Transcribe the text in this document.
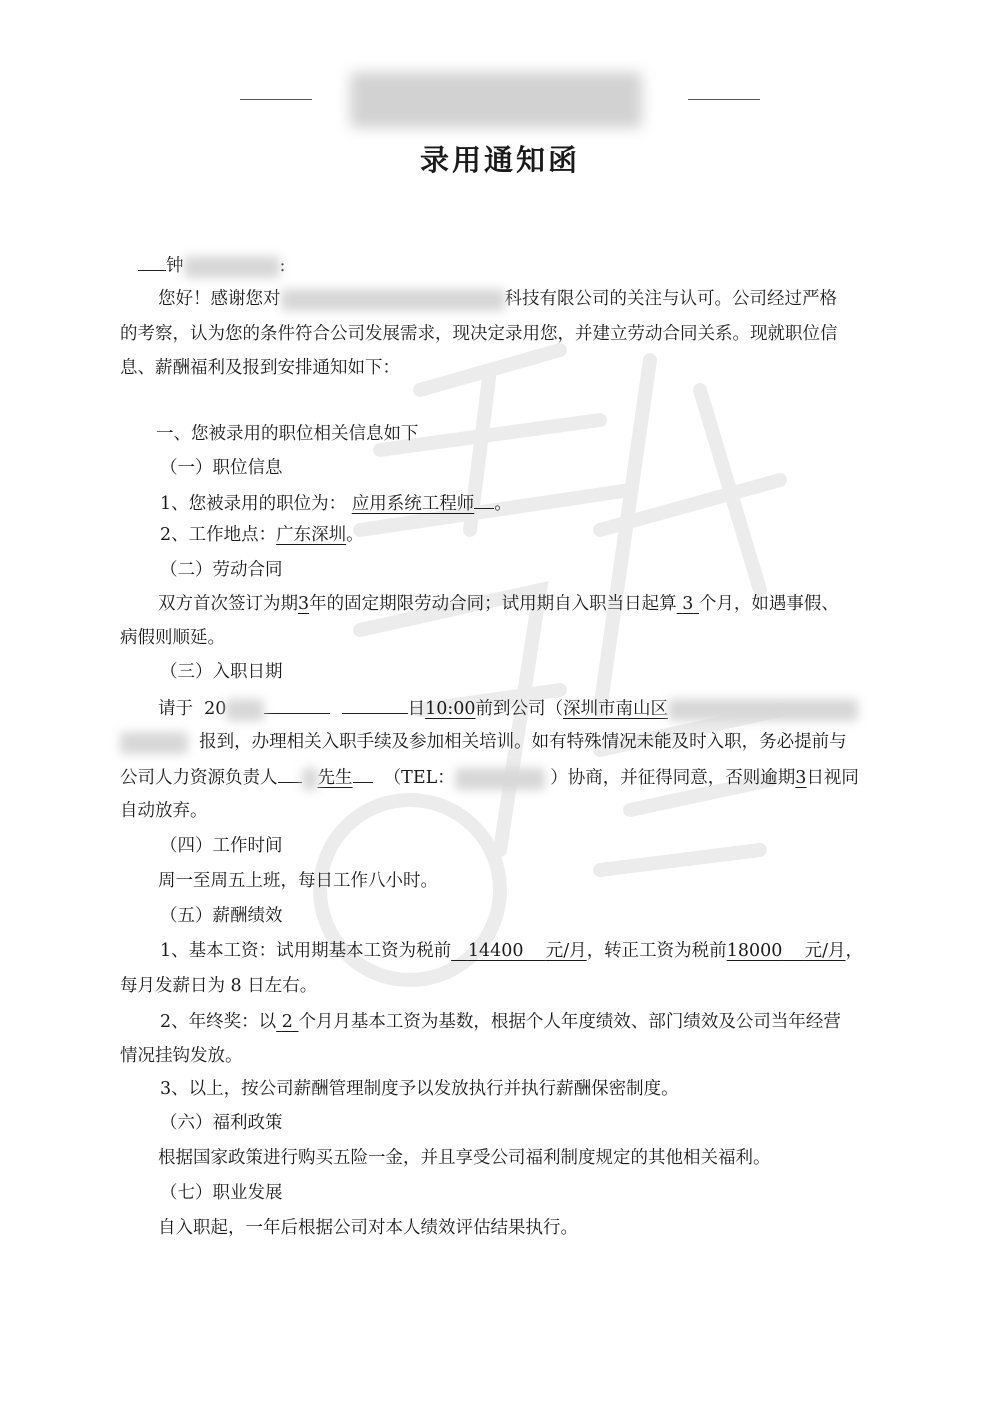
录用通知函
钟	:
您好！感谢您对	科技有限公司的关注与认可。公司经过严格
的考察，认为您的条件符合公司发展需求，现决定录用您，并建立劳动合同关系。现就职位信
息、薪酬福利及报到安排通知如下：
一、您被录用的职位相关信息如下
（一）职位信息
1、您被录用的职位为： 应用系统工程师 。
2、工作地点：广东深圳。
（二）劳动合同
双方首次签订为期3年的固定期限劳动合同；试用期自入职当日起算 3 个月，如遇事假、
病假则顺延。
（三）入职日期
请于 20	日10:00前到公司（深圳市南山区
报到，办理相关入职手续及参加相关培训。如有特殊情况未能及时入职，务必提前与
公司人力资源负责人 先生 （TEL：	）协商，并征得同意，否则逾期3日视同
自动放弃。
（四）工作时间
周一至周五上班，每日工作八小时。
（五）薪酬绩效
1、基本工资：试用期基本工资为税前 14400 元/月，转正工资为税前18000 元/月，
每月发薪日为 8 日左右。
2、年终奖：以 2 个月月基本工资为基数，根据个人年度绩效、部门绩效及公司当年经营
情况挂钩发放。
3、以上，按公司薪酬管理制度予以发放执行并执行薪酬保密制度。
（六）福利政策
根据国家政策进行购买五险一金，并且享受公司福利制度规定的其他相关福利。
（七）职业发展
自入职起，一年后根据公司对本人绩效评估结果执行。
